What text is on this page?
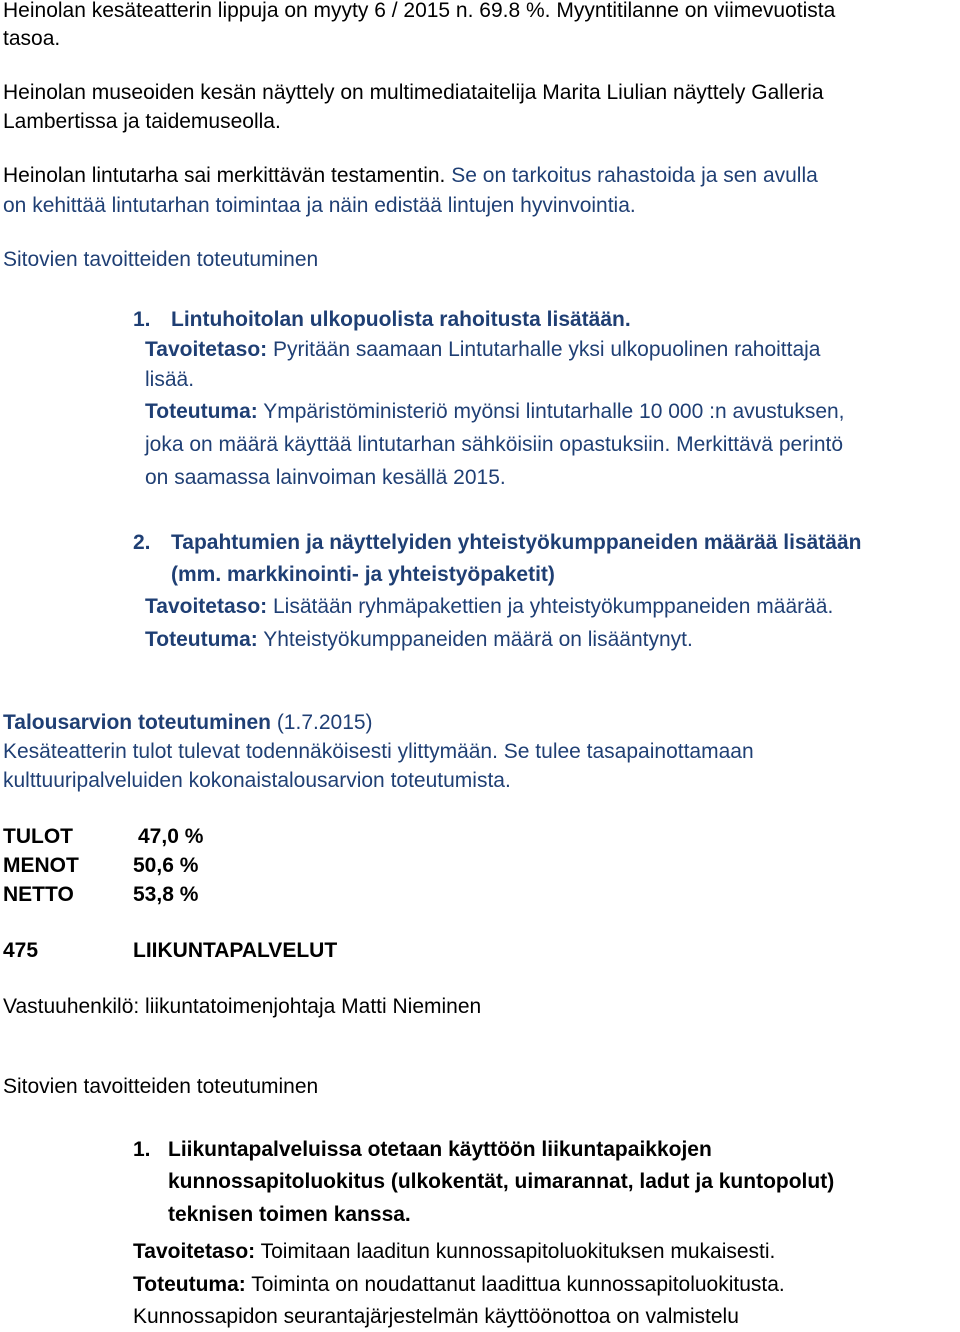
Heinolan kesäteatterin lippuja on myyty 6 / 2015 n. 69.8 %. Myyntitilanne on viimevuotista
tasoa.
Heinolan museoiden kesän näyttely on multimediataitelija Marita Liulian näyttely Galleria
Lambertissa ja taidemuseolla.
Heinolan lintutarha sai merkittävän testamentin. Se on tarkoitus rahastoida ja sen avulla
on kehittää lintutarhan toimintaa ja näin edistää lintujen hyvinvointia.
Sitovien tavoitteiden toteutuminen
1. Lintuhoitolan ulkopuolista rahoitusta lisätään.
Tavoitetaso: Pyritään saamaan Lintutarhalle yksi ulkopuolinen rahoittaja
lisää.
Toteutuma: Ympäristöministeriö myönsi lintutarhalle 10 000 :n avustuksen,
joka on määrä käyttää lintutarhan sähköisiin opastuksiin. Merkittävä perintö
on saamassa lainvoiman kesällä 2015.
2. Tapahtumien ja näyttelyiden yhteistyökumppaneiden määrää lisätään
(mm. markkinointi- ja yhteistyöpaketit)
Tavoitetaso: Lisätään ryhmäpakettien ja yhteistyökumppaneiden määrää.
Toteutuma: Yhteistyökumppaneiden määrä on lisääntynyt.
Talousarvion toteutuminen (1.7.2015)
Kesäteatterin tulot tulevat todennäköisesti ylittymään. Se tulee tasapainottamaan
kulttuuripalveluiden kokonaistalousarvion toteutumista.
TULOT	47,0 %
MENOT	50,6 %
NETTO	53,8 %
475	LIIKUNTAPALVELUT
Vastuuhenkilö: liikuntatoimenjohtaja Matti Nieminen
Sitovien tavoitteiden toteutuminen
1. Liikuntapalveluissa otetaan käyttöön liikuntapaikkojen
kunnossapitoluokitus (ulkokentät, uimarannat, ladut ja kuntopolut)
teknisen toimen kanssa.
Tavoitetaso: Toimitaan laaditun kunnossapitoluokituksen mukaisesti.
Toteutuma: Toiminta on noudattanut laadittua kunnossapitoluokitusta.
Kunnossapidon seurantajärjestelmän käyttöönottoa on valmistelu
